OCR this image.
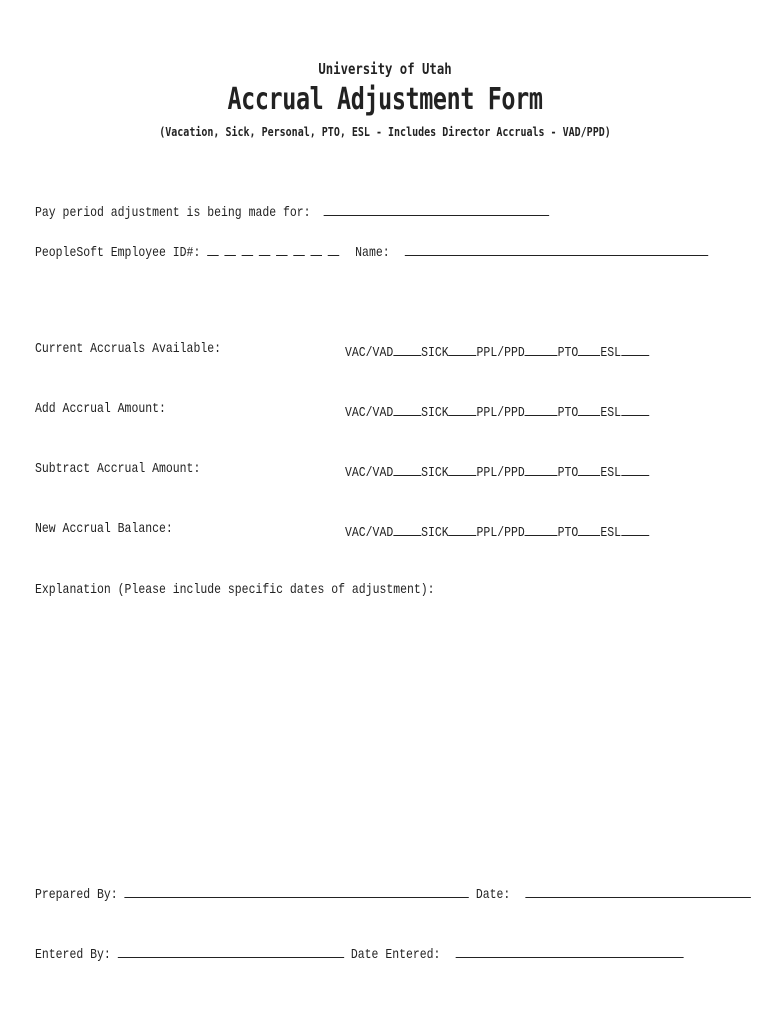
University of Utah
Accrual Adjustment Form
(Vacation, Sick, Personal, PTO, ESL - Includes Director Accruals - VAD/PPD)
Pay period adjustment is being made for:
PeopleSoft Employee ID#:	Name:
Current Accruals Available:	VAC/VAD SICK PPL/PPD PTO ESL
Add Accrual Amount:	VAC/VAD SICK PPL/PPD PTO ESL
Subtract Accrual Amount:	VAC/VAD SICK PPL/PPD PTO ESL
New Accrual Balance:	VAC/VAD SICK PPL/PPD PTO ESL
Explanation (Please include specific dates of adjustment):
Prepared By:	Date:
Entered By:	Date Entered:
